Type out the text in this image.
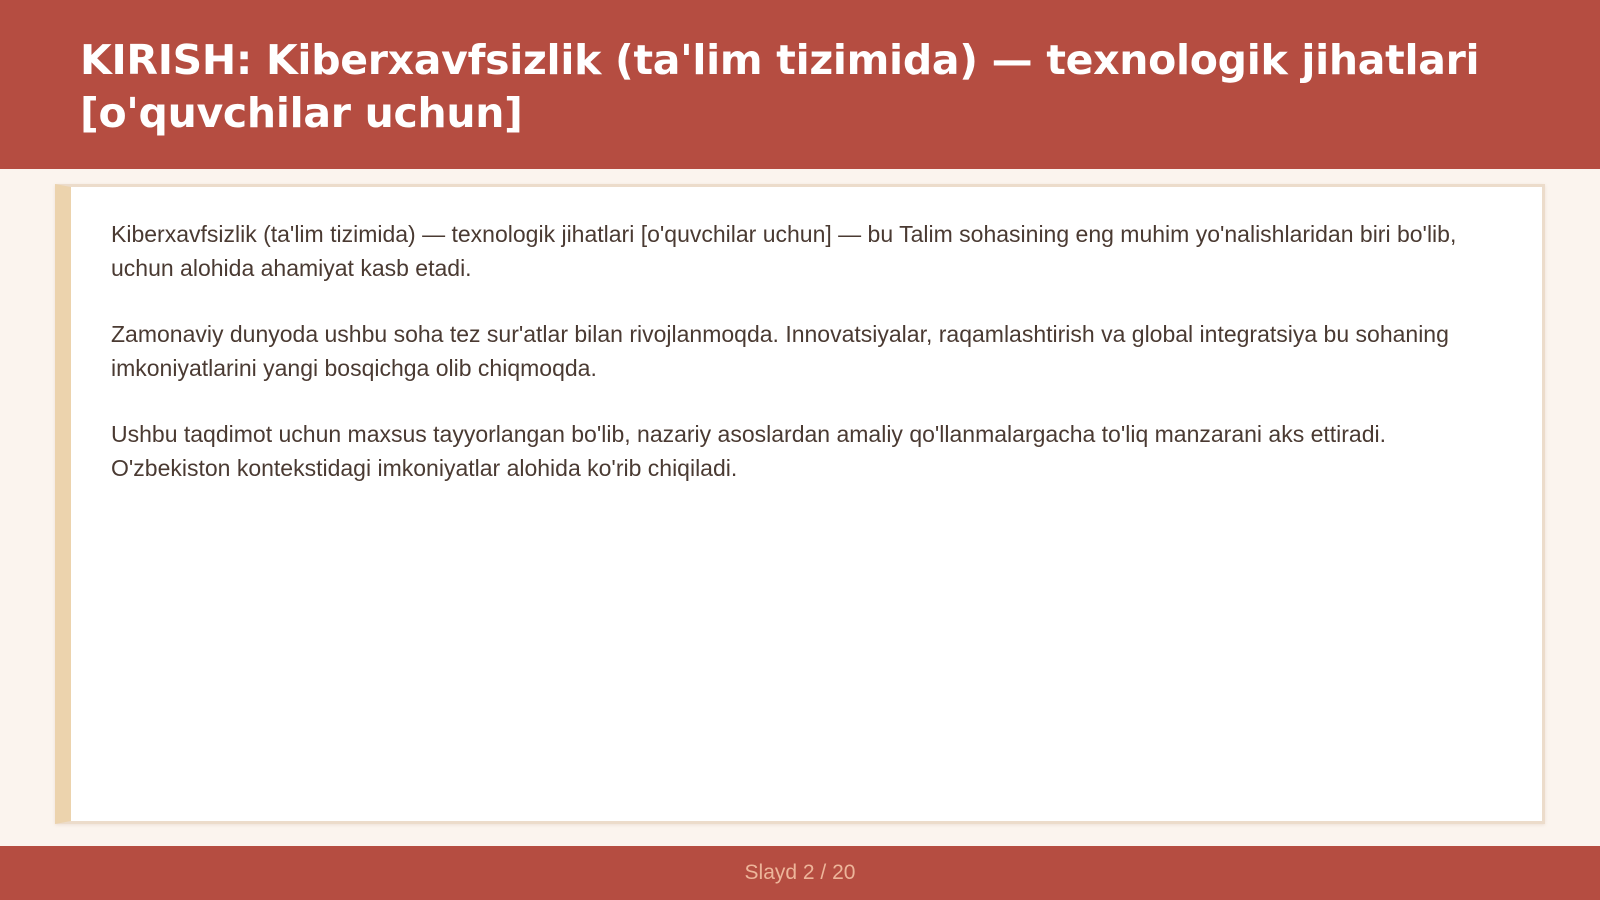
KIRISH: Kiberxavfsizlik (ta'lim tizimida) — texnologik jihatlari [o'quvchilar uchun]

Kiberxavfsizlik (ta'lim tizimida) — texnologik jihatlari [o'quvchilar uchun] — bu Talim sohasining eng muhim yo'nalishlaridan biri bo'lib, uchun alohida ahamiyat kasb etadi.

Zamonaviy dunyoda ushbu soha tez sur'atlar bilan rivojlanmoqda. Innovatsiyalar, raqamlashtirish va global integratsiya bu sohaning imkoniyatlarini yangi bosqichga olib chiqmoqda.

Ushbu taqdimot uchun maxsus tayyorlangan bo'lib, nazariy asoslardan amaliy qo'llanmalargacha to'liq manzarani aks ettiradi. O'zbekiston kontekstidagi imkoniyatlar alohida ko'rib chiqiladi.

Slayd 2 / 20
